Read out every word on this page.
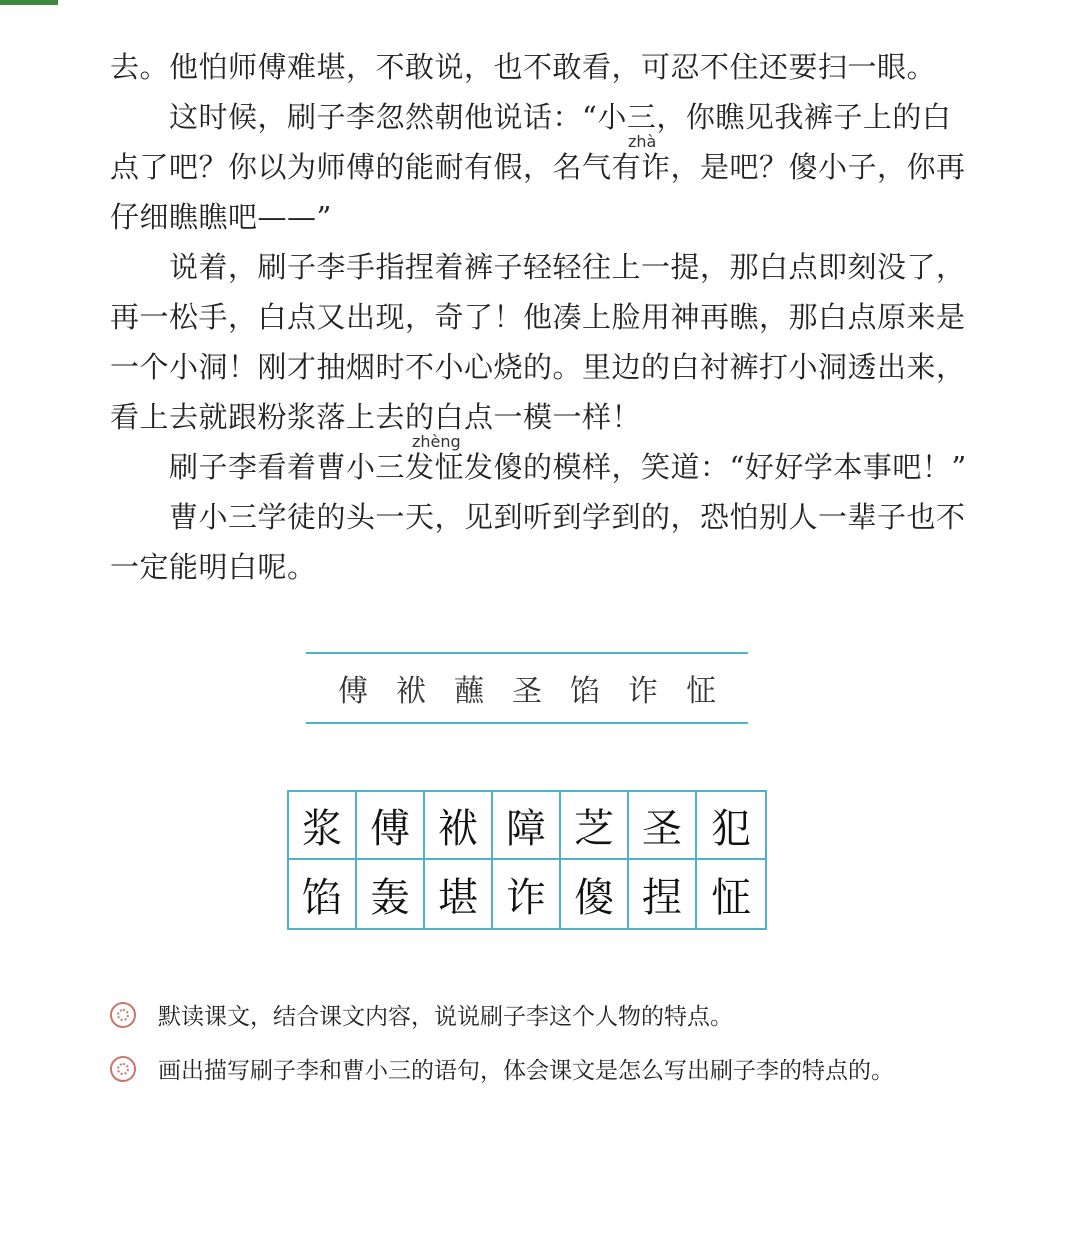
去。他怕师傅难堪，不敢说，也不敢看，可忍不住还要扫一眼。

　　这时候，刷子李忽然朝他说话：“小三，你瞧见我裤子上的白

点了吧？你以为师傅的能耐有假，名气有诈，是吧？傻小子，你再

仔细瞧瞧吧——”

　　说着，刷子李手指捏着裤子轻轻往上一提，那白点即刻没了，

再一松手，白点又出现，奇了！他凑上脸用神再瞧，那白点原来是

一个小洞！刚才抽烟时不小心烧的。里边的白衬裤打小洞透出来，

看上去就跟粉浆落上去的白点一模一样！

　　刷子李看着曹小三发怔发傻的模样，笑道：“好好学本事吧！”

　　曹小三学徒的头一天，见到听到学到的，恐怕别人一辈子也不

一定能明白呢。

zhà
zhèng
傅 袱 蘸 圣 馅 诈 怔
浆 傅 袱 障 芝 圣 犯
馅 轰 堪 诈 傻 捏 怔
默读课文，结合课文内容，说说刷子李这个人物的特点。
画出描写刷子李和曹小三的语句，体会课文是怎么写出刷子李的特点的。
